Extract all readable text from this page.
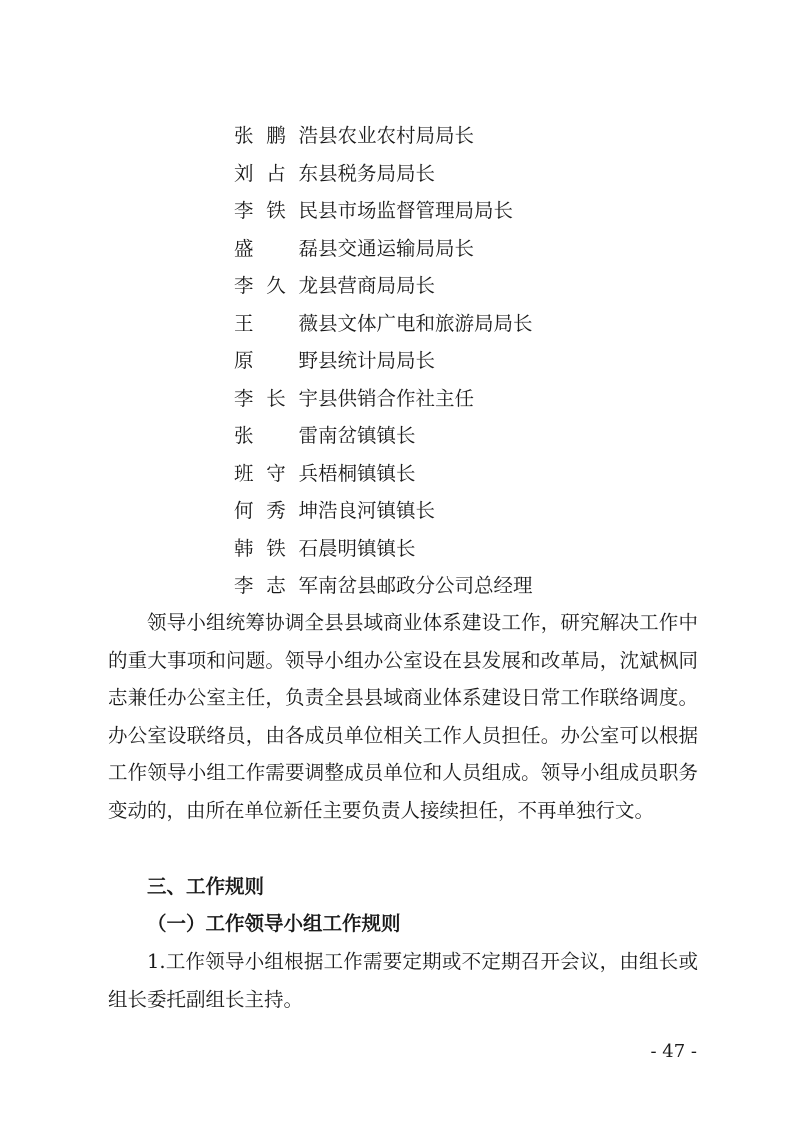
张鹏浩 县农业农村局局长
刘占东 县税务局局长
李铁民 县市场监督管理局局长
盛磊 县交通运输局局长
李久龙 县营商局局长
王薇 县文体广电和旅游局局长
原野 县统计局局长
李长宇 县供销合作社主任
张雷 南岔镇镇长
班守兵 梧桐镇镇长
何秀坤 浩良河镇镇长
韩铁石 晨明镇镇长
李志军 南岔县邮政分公司总经理

领导小组统筹协调全县县域商业体系建设工作，研究解决工作中的重大事项和问题。领导小组办公室设在县发展和改革局，沈斌枫同志兼任办公室主任，负责全县县域商业体系建设日常工作联络调度。办公室设联络员，由各成员单位相关工作人员担任。办公室可以根据工作领导小组工作需要调整成员单位和人员组成。领导小组成员职务变动的，由所在单位新任主要负责人接续担任，不再单独行文。

三、工作规则
（一）工作领导小组工作规则

1.工作领导小组根据工作需要定期或不定期召开会议，由组长或组长委托副组长主持。

- 47 -
